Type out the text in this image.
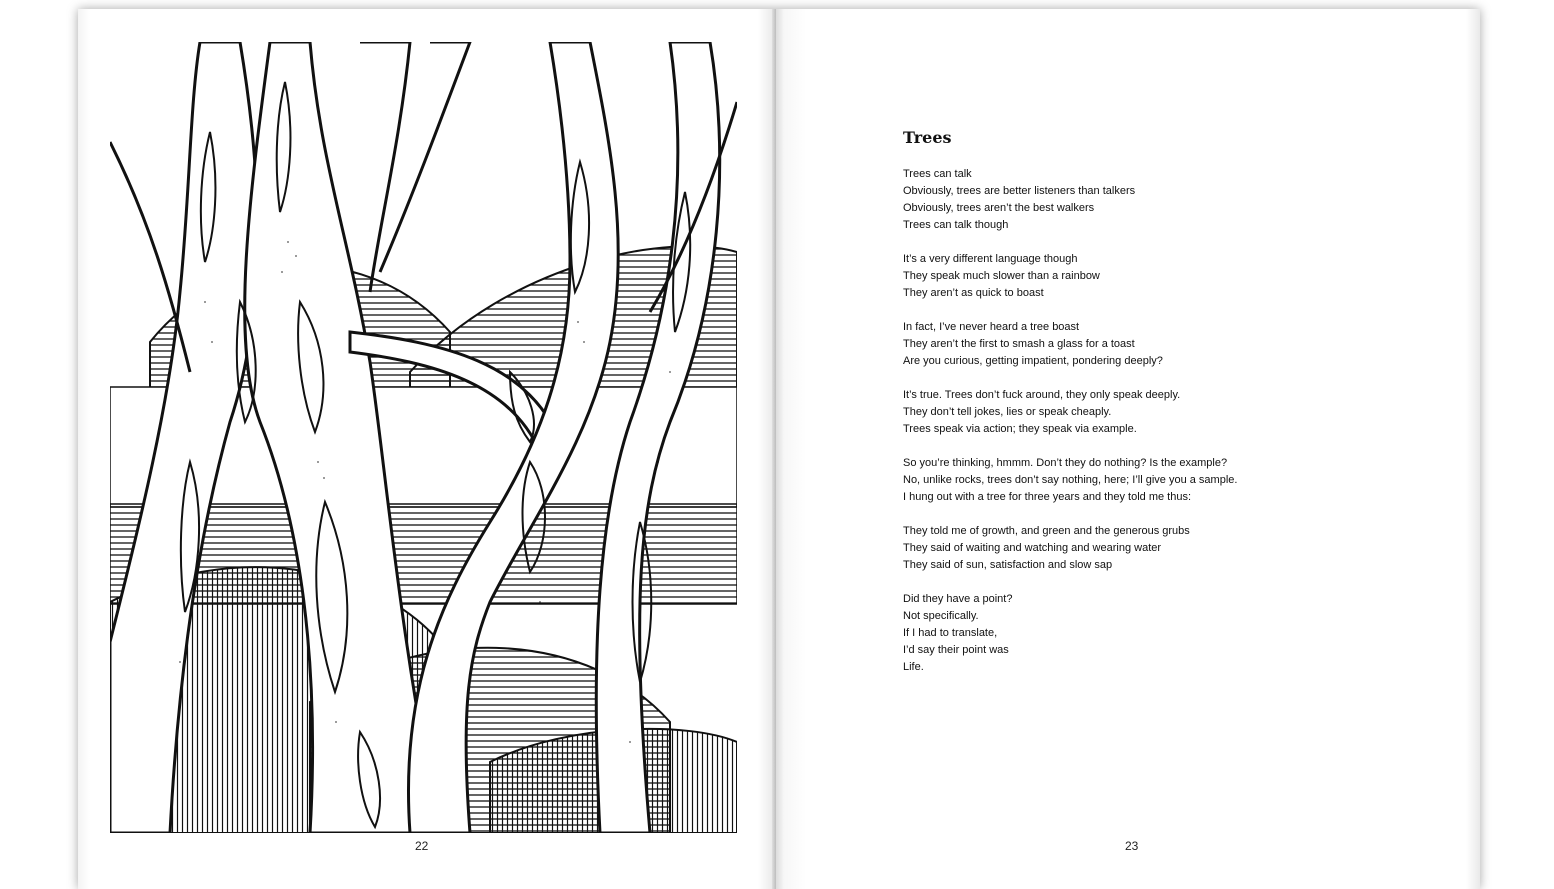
22
Trees
Trees can talk
Obviously, trees are better listeners than talkers
Obviously, trees aren’t the best walkers
Trees can talk though
It’s a very different language though
They speak much slower than a rainbow
They aren’t as quick to boast
In fact, I’ve never heard a tree boast
They aren’t the first to smash a glass for a toast
Are you curious, getting impatient, pondering deeply?
It’s true. Trees don’t fuck around, they only speak deeply.
They don’t tell jokes, lies or speak cheaply.
Trees speak via action; they speak via example.
So you’re thinking, hmmm. Don’t they do nothing? Is the example?
No, unlike rocks, trees don’t say nothing, here; I’ll give you a sample.
I hung out with a tree for three years and they told me thus:
They told me of growth, and green and the generous grubs
They said of waiting and watching and wearing water
They said of sun, satisfaction and slow sap
Did they have a point?
Not specifically.
If I had to translate,
I’d say their point was
Life.
23
